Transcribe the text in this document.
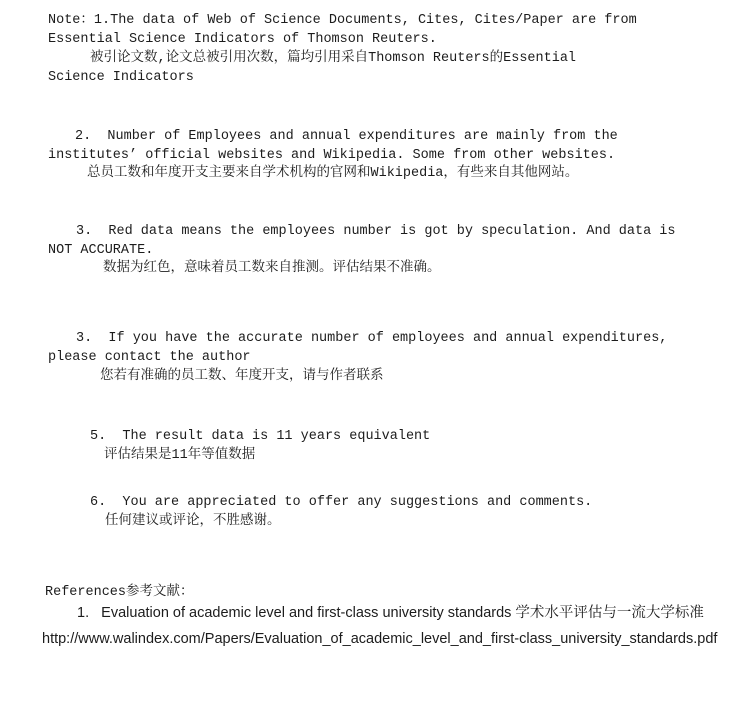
Note：1.The data of Web of Science Documents, Cites, Cites/Paper are from
Essential Science Indicators of Thomson Reuters.
被引论文数,论文总被引用次数，篇均引用采自Thomson Reuters的Essential
Science Indicators
2.  Number of Employees and annual expenditures are mainly from the
institutes’ official websites and Wikipedia. Some from other websites.
总员工数和年度开支主要来自学术机构的官网和Wikipedia，有些来自其他网站。
3.  Red data means the employees number is got by speculation. And data is
NOT ACCURATE.
数据为红色，意味着员工数来自推测。评估结果不准确。
3.  If you have the accurate number of employees and annual expenditures,
please contact the author
您若有准确的员工数、年度开支，请与作者联系
5.  The result data is 11 years equivalent
评估结果是11年等值数据
6.  You are appreciated to offer any suggestions and comments.
任何建议或评论，不胜感谢。
References参考文献：
1.   Evaluation of academic level and first-class university standards 学术水平评估与一流大学标准
http://www.walindex.com/Papers/Evaluation_of_academic_level_and_first-class_university_standards.pdf
